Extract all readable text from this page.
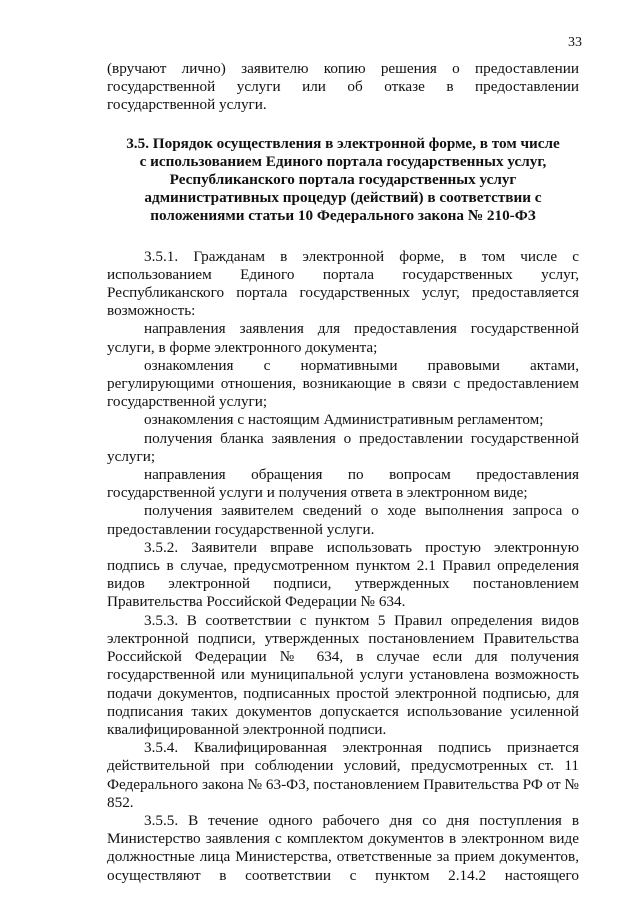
33

(вручают лично) заявителю копию решения о предоставлении государственной услуги или об отказе в предоставлении государственной услуги.

3.5. Порядок осуществления в электронной форме, в том числе
с использованием Единого портала государственных услуг,
Республиканского портала государственных услуг
административных процедур (действий) в соответствии с
положениями статьи 10 Федерального закона № 210-ФЗ

3.5.1. Гражданам в электронной форме, в том числе с использованием Единого портала государственных услуг, Республиканского портала государственных услуг, предоставляется возможность:

направления заявления для предоставления государственной услуги, в форме электронного документа;

ознакомления с нормативными правовыми актами, регулирующими отношения, возникающие в связи с предоставлением государственной услуги;

ознакомления с настоящим Административным регламентом;

получения бланка заявления о предоставлении государственной услуги;

направления обращения по вопросам предоставления государственной услуги и получения ответа в электронном виде;

получения заявителем сведений о ходе выполнения запроса о предоставлении государственной услуги.

3.5.2. Заявители вправе использовать простую электронную подпись в случае, предусмотренном пунктом 2.1 Правил определения видов электронной подписи, утвержденных постановлением Правительства Российской Федерации № 634.

3.5.3. В соответствии с пунктом 5 Правил определения видов электронной подписи, утвержденных постановлением Правительства Российской Федерации № 634, в случае если для получения государственной или муниципальной услуги установлена возможность подачи документов, подписанных простой электронной подписью, для подписания таких документов допускается использование усиленной квалифицированной электронной подписи.

3.5.4. Квалифицированная электронная подпись признается действительной при соблюдении условий, предусмотренных ст. 11 Федерального закона № 63-ФЗ, постановлением Правительства РФ от № 852.

3.5.5. В течение одного рабочего дня со дня поступления в Министерство заявления с комплектом документов в электронном виде должностные лица Министерства, ответственные за прием документов, осуществляют в соответствии с пунктом 2.14.2 настоящего
